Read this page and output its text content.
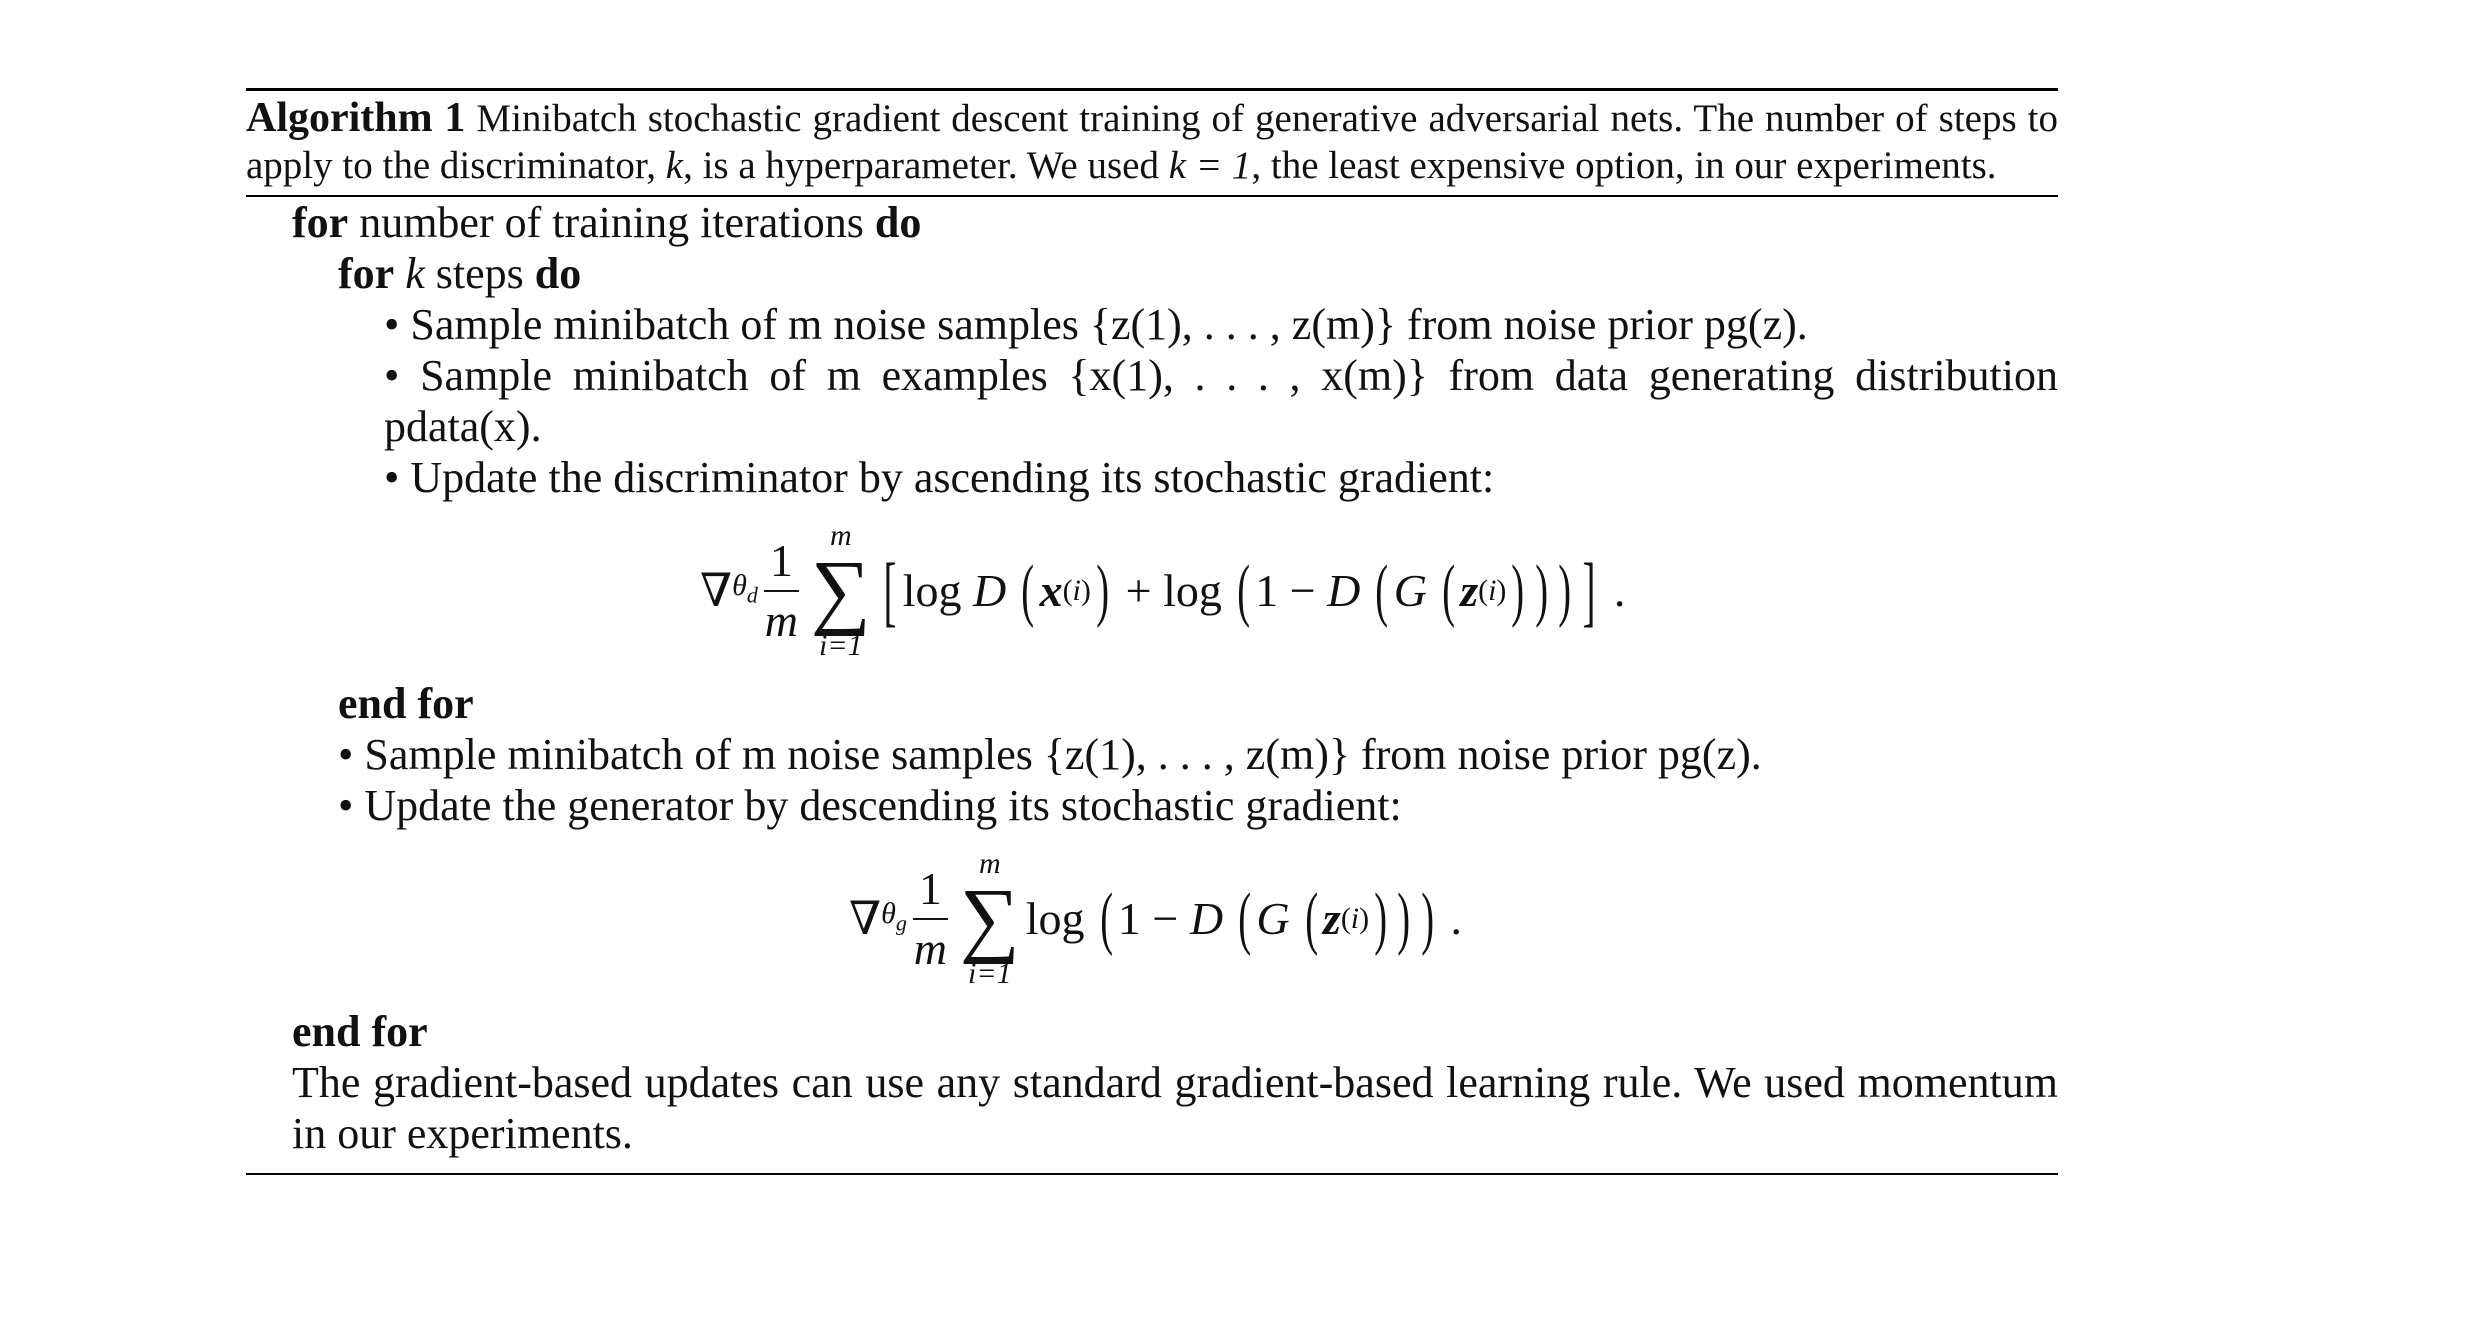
Algorithm 1 Minibatch stochastic gradient descent training of generative adversarial nets. The number of steps to apply to the discriminator, k, is a hyperparameter. We used k = 1, the least expensive option, in our experiments.
for number of training iterations do
for k steps do
• Sample minibatch of m noise samples {z(1), . . . , z(m)} from noise prior pg(z).
• Sample minibatch of m examples {x(1), . . . , x(m)} from data generating distribution pdata(x).
• Update the discriminator by ascending its stochastic gradient:
∇ $\theta_d \frac{1}{m}$
m
∑
i=1
[ log D ( x (i) ) + log ( 1 − D ( G ( z (i) ) ) ) ] .
end for
• Sample minibatch of m noise samples {z(1), . . . , z(m)} from noise prior pg(z).
• Update the generator by descending its stochastic gradient:
∇ $\theta_g \frac{1}{m}$
m
∑
i=1
log ( 1 − D ( G ( z (i) ) ) ) .
end for
The gradient-based updates can use any standard gradient-based learning rule. We used momentum in our experiments.
